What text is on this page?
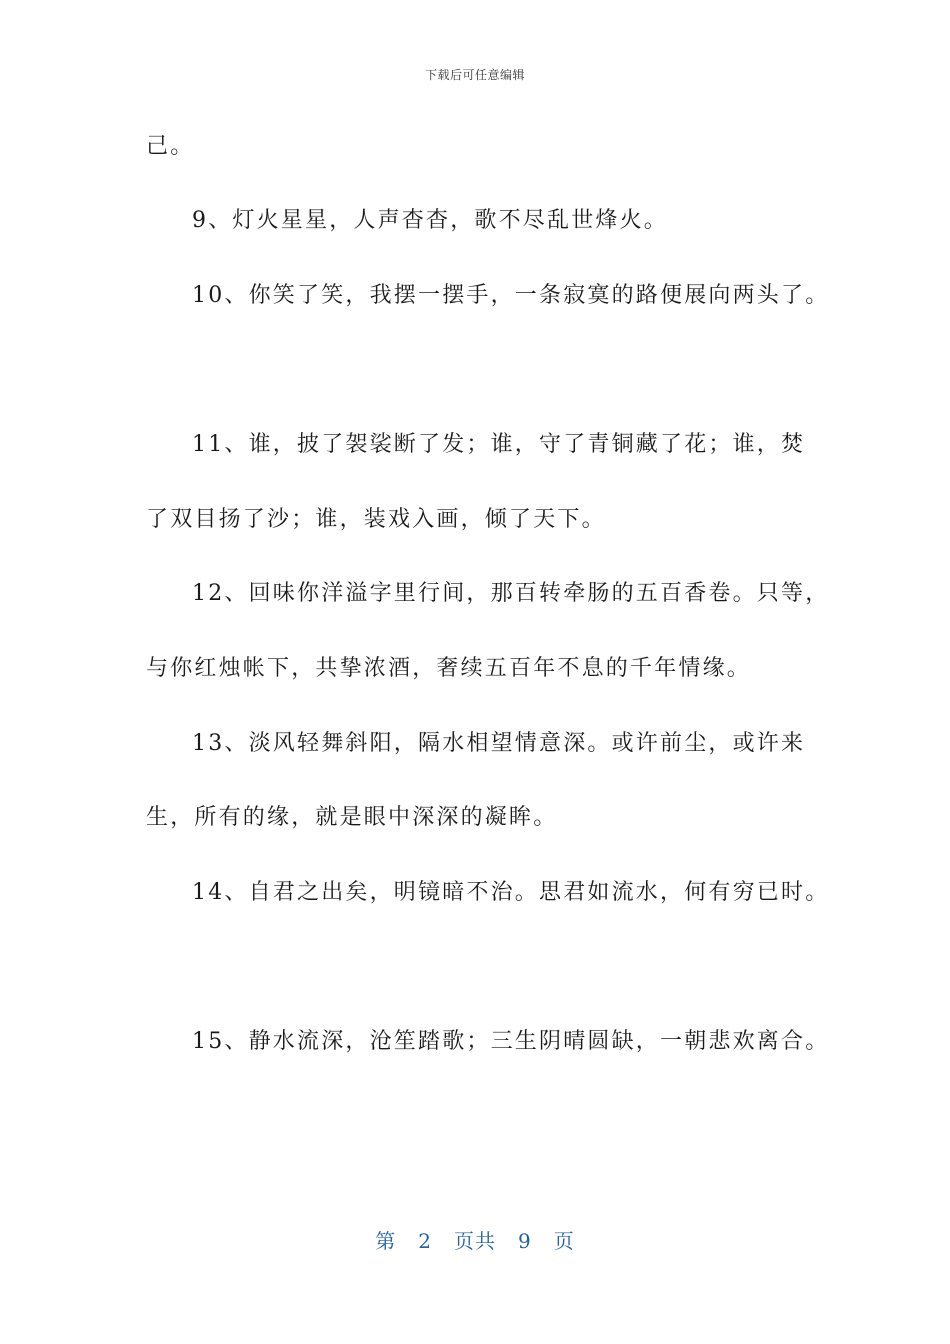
下载后可任意编辑
己。
9、灯火星星，人声杳杳，歌不尽乱世烽火。
10、你笑了笑，我摆一摆手，一条寂寞的路便展向两头了。
11、谁，披了袈裟断了发；谁，守了青铜藏了花；谁，焚
了双目扬了沙；谁，装戏入画，倾了天下。
12、回味你洋溢字里行间，那百转牵肠的五百香卷。只等，
与你红烛帐下，共挚浓酒，奢续五百年不息的千年情缘。
13、淡风轻舞斜阳，隔水相望情意深。或许前尘，或许来
生，所有的缘，就是眼中深深的凝眸。
14、自君之出矣，明镜暗不治。思君如流水，何有穷已时。
15、静水流深，沧笙踏歌；三生阴晴圆缺，一朝悲欢离合。
第 2 页共 9 页
